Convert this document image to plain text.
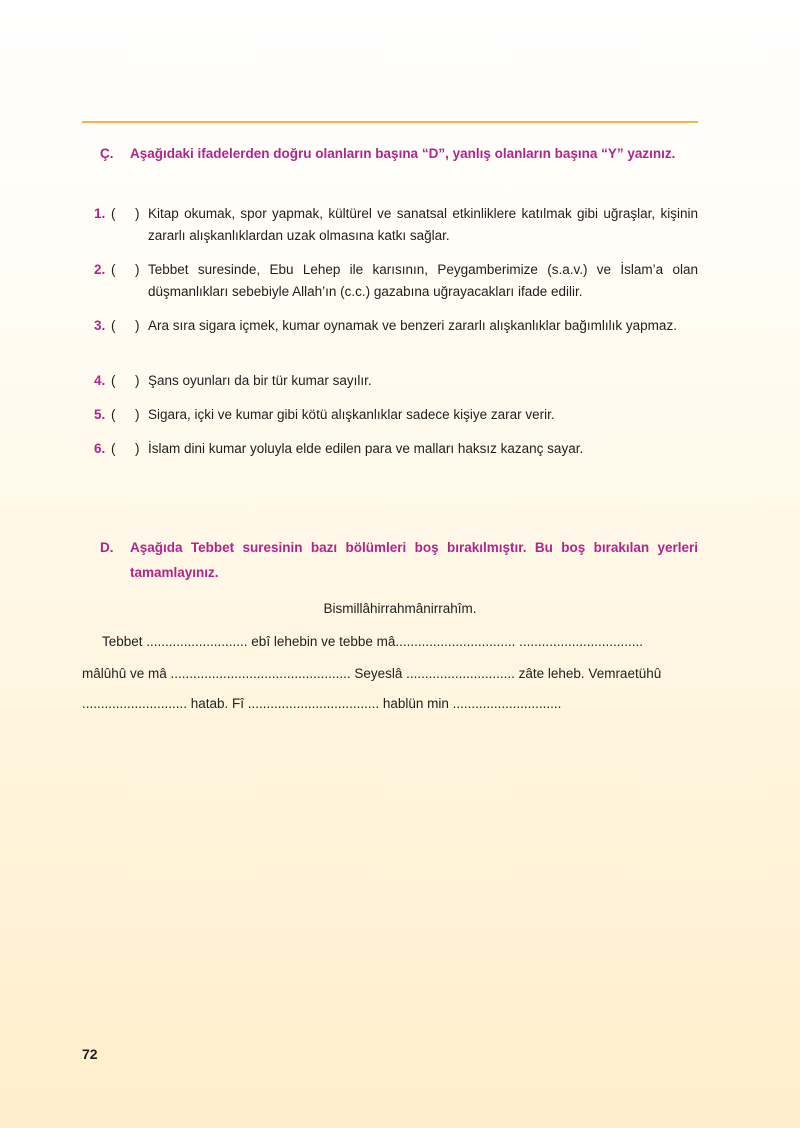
Ç. Aşağıdaki ifadelerden doğru olanların başına “D”, yanlış olanların başına “Y” yazınız.
1. ( ) Kitap okumak, spor yapmak, kültürel ve sanatsal etkinliklere katılmak gibi uğraşlar, kişinin zararlı alışkanlıklardan uzak olmasına katkı sağlar.
2. ( ) Tebbet suresinde, Ebu Lehep ile karısının, Peygamberimize (s.a.v.) ve İslam’a olan düşmanlıkları sebebiyle Allah’ın (c.c.) gazabına uğrayacakları ifade edilir.
3. ( ) Ara sıra sigara içmek, kumar oynamak ve benzeri zararlı alışkanlıklar bağımlılık yapmaz.
4. ( ) Şans oyunları da bir tür kumar sayılır.
5. ( ) Sigara, içki ve kumar gibi kötü alışkanlıklar sadece kişiye zarar verir.
6. ( ) İslam dini kumar yoluyla elde edilen para ve malları haksız kazanç sayar.
D. Aşağıda Tebbet suresinin bazı bölümleri boş bırakılmıştır. Bu boş bırakılan yerleri tamamlayınız.
Bismillâhirrahmânirrahîm.
Tebbet ........................... ebî lehebin ve tebbe mâ................................ .................................
mâlûhû ve mâ ................................................ Seyeslâ ............................. zâte leheb. Vemraetühû
............................ hatab. Fî ................................... hablün min .............................
72
